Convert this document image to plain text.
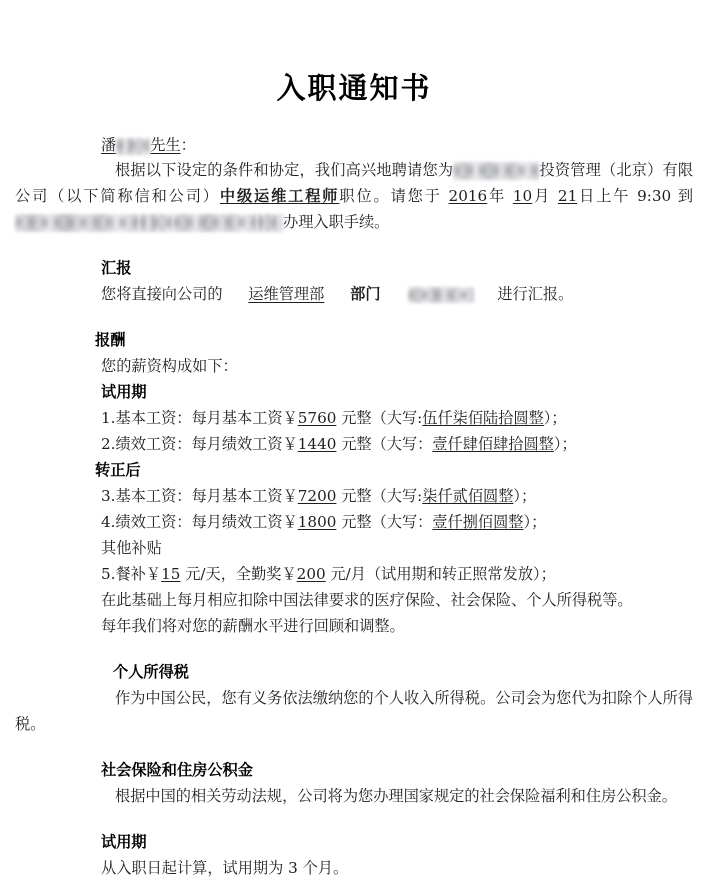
入职通知书

潘 先生：

根据以下设定的条件和协定，我们高兴地聘请您为	投资管理（北京）有限公司（以下简称信和公司）中级运维工程师职位。请您于 2016年 10月 21日上午 9:30 到办理入职手续。

汇报

您将直接向公司的 运维管理部 部门	进行汇报。

报酬

您的薪资构成如下：

试用期

1.基本工资：每月基本工资￥5760 元整（大写:伍仟柒佰陆拾圆整）；

2.绩效工资：每月绩效工资￥1440 元整（大写：壹仟肆佰肆拾圆整）；

转正后

3.基本工资：每月基本工资￥7200 元整（大写:柒仟贰佰圆整）；

4.绩效工资：每月绩效工资￥1800 元整（大写：壹仟捌佰圆整）；

其他补贴

5.餐补￥15 元/天，全勤奖￥200 元/月（试用期和转正照常发放）；

在此基础上每月相应扣除中国法律要求的医疗保险、社会保险、个人所得税等。

每年我们将对您的薪酬水平进行回顾和调整。

个人所得税

作为中国公民，您有义务依法缴纳您的个人收入所得税。公司会为您代为扣除个人所得税。

社会保险和住房公积金

根据中国的相关劳动法规，公司将为您办理国家规定的社会保险福利和住房公积金。

试用期

从入职日起计算，试用期为 3 个月。
